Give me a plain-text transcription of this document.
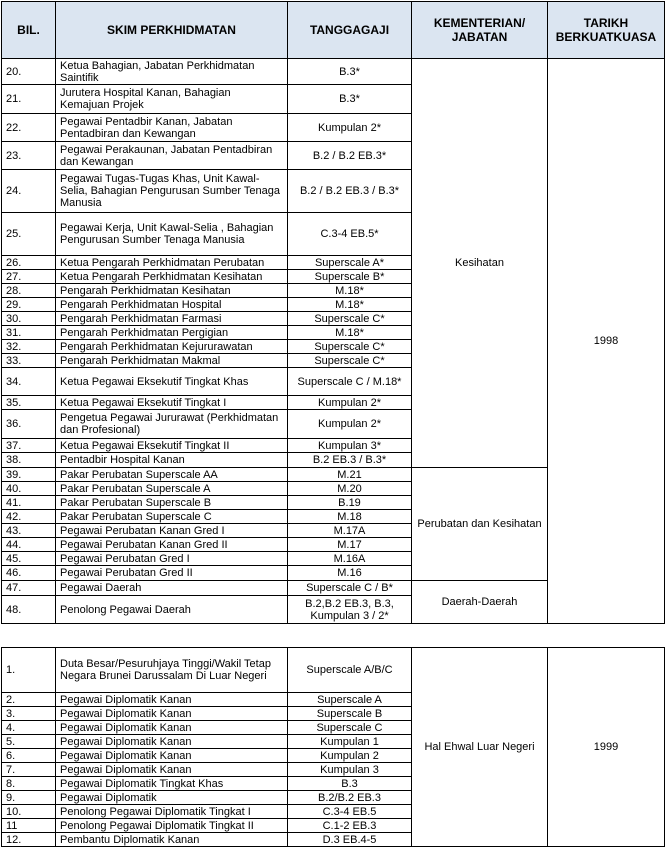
BIL.	SKIM PERKHIDMATAN	TANGGAGAJI	KEMENTERIAN/ JABATAN	TARIKH BERKUATKUASA
20.	Ketua Bahagian, Jabatan Perkhidmatan Saintifik	B.3*	Kesihatan	1998
21.	Jurutera Hospital Kanan, Bahagian Kemajuan Projek	B.3*		
22.	Pegawai Pentadbir Kanan, Jabatan Pentadbiran dan Kewangan	Kumpulan 2*		
23.	Pegawai Perakaunan, Jabatan Pentadbiran dan Kewangan	B.2 / B.2 EB.3*		
24.	Pegawai Tugas-Tugas Khas, Unit Kawal-Selia, Bahagian Pengurusan Sumber Tenaga Manusia	B.2 / B.2 EB.3 / B.3*		
25.	Pegawai Kerja, Unit Kawal-Selia , Bahagian Pengurusan Sumber Tenaga Manusia	C.3-4 EB.5*		
26.	Ketua Pengarah Perkhidmatan Perubatan	Superscale A*		
27.	Ketua Pengarah Perkhidmatan Kesihatan	Superscale B*		
28.	Pengarah Perkhidmatan Kesihatan	M.18*		
29.	Pengarah Perkhidmatan Hospital	M.18*		
30.	Pengarah Perkhidmatan Farmasi	Superscale C*		
31.	Pengarah Perkhidmatan Pergigian	M.18*		
32.	Pengarah Perkhidmatan Kejururawatan	Superscale C*		
33.	Pengarah Perkhidmatan Makmal	Superscale C*		
34.	Ketua Pegawai Eksekutif Tingkat Khas	Superscale C / M.18*		
35.	Ketua Pegawai Eksekutif Tingkat I	Kumpulan 2*		
36.	Pengetua Pegawai Jururawat (Perkhidmatan dan Profesional)	Kumpulan 2*		
37.	Ketua Pegawai Eksekutif Tingkat II	Kumpulan 3*		
38.	Pentadbir Hospital Kanan	B.2 EB.3 / B.3*		
39.	Pakar Perubatan Superscale AA	M.21	Perubatan dan Kesihatan	
40.	Pakar Perubatan Superscale A	M.20		
41.	Pakar Perubatan Superscale B	B.19		
42.	Pakar Perubatan Superscale C	M.18		
43.	Pegawai Perubatan Kanan Gred I	M.17A		
44.	Pegawai Perubatan Kanan Gred II	M.17		
45.	Pegawai Perubatan Gred I	M.16A		
46.	Pegawai Perubatan Gred II	M.16		
47.	Pegawai Daerah	Superscale C / B*	Daerah-Daerah	
48.	Penolong Pegawai Daerah	B.2,B.2 EB.3, B.3, Kumpulan 3 / 2*		
1.	Duta Besar/Pesuruhjaya Tinggi/Wakil Tetap Negara Brunei Darussalam Di Luar Negeri	Superscale A/B/C	Hal Ehwal Luar Negeri	1999
2.	Pegawai Diplomatik Kanan	Superscale A		
3.	Pegawai Diplomatik Kanan	Superscale B		
4.	Pegawai Diplomatik Kanan	Superscale C		
5.	Pegawai Diplomatik Kanan	Kumpulan 1		
6.	Pegawai Diplomatik Kanan	Kumpulan 2		
7.	Pegawai Diplomatik Kanan	Kumpulan 3		
8.	Pegawai Diplomatik Tingkat Khas	B.3		
9.	Pegawai Diplomatik	B.2/B.2 EB.3		
10.	Penolong Pegawai Diplomatik Tingkat I	C.3-4 EB.5		
11	Penolong Pegawai Diplomatik Tingkat II	C.1-2 EB.3		
12.	Pembantu Diplomatik Kanan	D.3 EB.4-5		
